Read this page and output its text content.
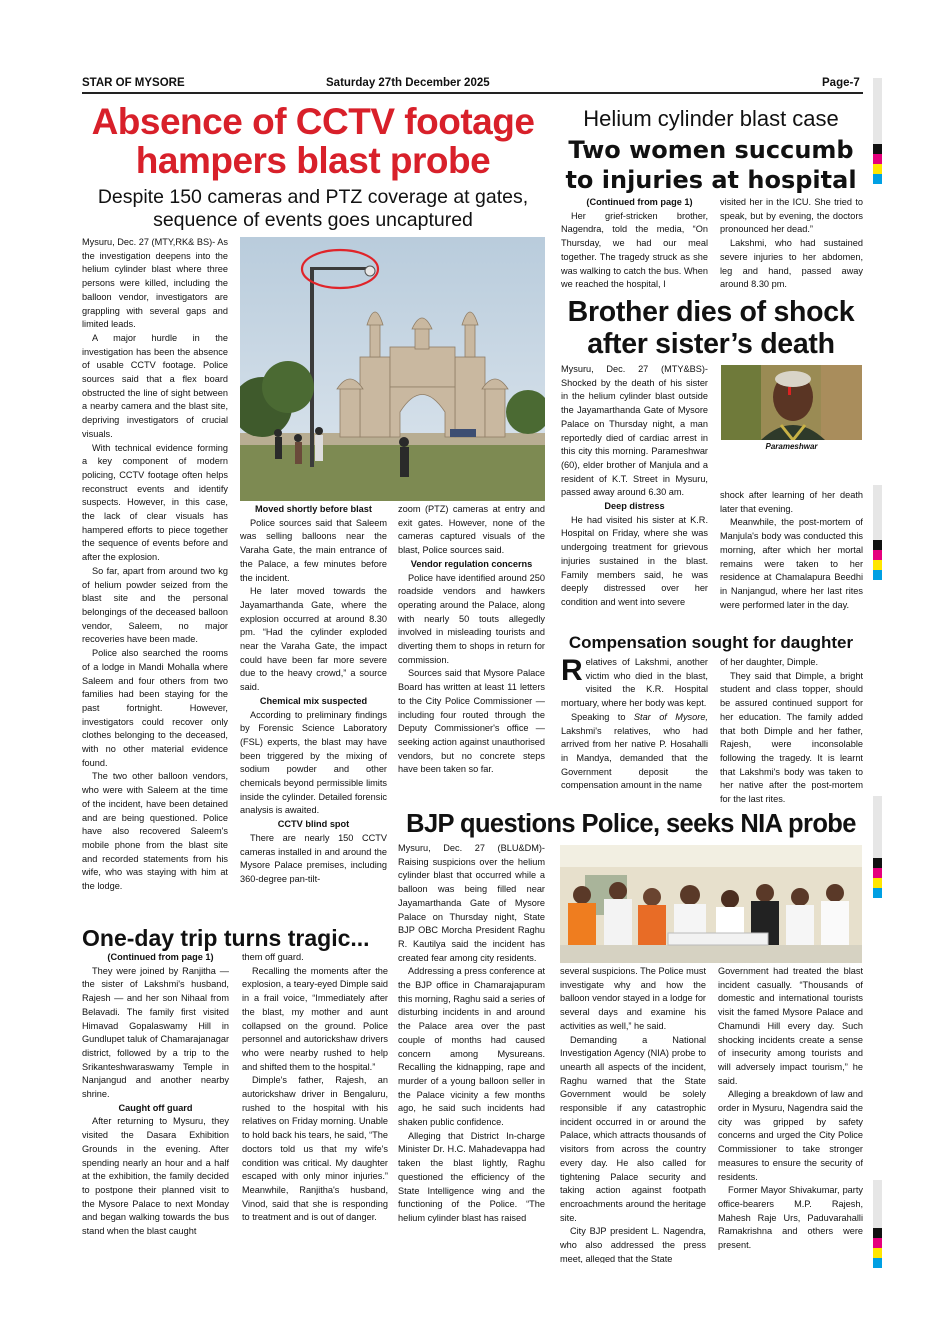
STAR OF MYSORE	Saturday 27th December 2025	Page-7
Absence of CCTV footage hampers blast probe
Despite 150 cameras and PTZ coverage at gates, sequence of events goes uncaptured

Mysuru, Dec. 27 (MTY,RK& BS)- As the investigation deepens into the helium cylinder blast where three persons were killed, including the balloon vendor, investigators are grappling with several gaps and limited leads.

A major hurdle in the investigation has been the absence of usable CCTV footage. Police sources said that a flex board obstructed the line of sight between a nearby camera and the blast site, depriving investigators of crucial visuals.

With technical evidence forming a key component of modern policing, CCTV footage often helps reconstruct events and identify suspects. However, in this case, the lack of clear visuals has hampered efforts to piece together the sequence of events before and after the explosion.

So far, apart from around two kg of helium powder seized from the blast site and the personal belongings of the deceased balloon vendor, Saleem, no major recoveries have been made.

Police also searched the rooms of a lodge in Mandi Mohalla where Saleem and four others from two families had been staying for the past fortnight. However, investigators could recover only clothes belonging to the deceased, with no other material evidence found.

The two other balloon vendors, who were with Saleem at the time of the incident, have been detained and are being questioned. Police have also recovered Saleem's mobile phone from the blast site and recorded statements from his wife, who was staying with him at the lodge.

Moved shortly before blast

Police sources said that Saleem was selling balloons near the Varaha Gate, the main entrance of the Palace, a few minutes before the incident.

He later moved towards the Jayamarthanda Gate, where the explosion occurred at around 8.30 pm. “Had the cylinder exploded near the Varaha Gate, the impact could have been far more severe due to the heavy crowd,” a source said.

Chemical mix suspected

According to preliminary findings by Forensic Science Laboratory (FSL) experts, the blast may have been triggered by the mixing of sodium powder and other chemicals beyond permissible limits inside the cylinder. Detailed forensic analysis is awaited.

CCTV blind spot

There are nearly 150 CCTV cameras installed in and around the Mysore Palace premises, including 360-degree pan-tilt-

zoom (PTZ) cameras at entry and exit gates. However, none of the cameras captured visuals of the blast, Police sources said.

Vendor regulation concerns

Police have identified around 250 roadside vendors and hawkers operating around the Palace, along with nearly 50 touts allegedly involved in misleading tourists and diverting them to shops in return for commission.

Sources said that Mysore Palace Board has written at least 11 letters to the City Police Commissioner — including four routed through the Deputy Commissioner's office — seeking action against unauthorised vendors, but no concrete steps have been taken so far.

Helium cylinder blast case
Two women succumb to injuries at hospital

(Continued from page 1)

Her grief-stricken brother, Nagendra, told the media, “On Thursday, we had our meal together. The tragedy struck as she was walking to catch the bus. When we reached the hospital, I

visited her in the ICU. She tried to speak, but by evening, the doctors pronounced her dead.”

Lakshmi, who had sustained severe injuries to her abdomen, leg and hand, passed away around 8.30 pm.

Brother dies of shock after sister’s death

Mysuru, Dec. 27 (MTY&BS)- Shocked by the death of his sister in the helium cylinder blast outside the Jayamarthanda Gate of Mysore Palace on Thursday night, a man reportedly died of cardiac arrest in this city this morning. Parameshwar (60), elder brother of Manjula and a resident of K.T. Street in Mysuru, passed away around 6.30 am.

Deep distress

He had visited his sister at K.R. Hospital on Friday, where she was undergoing treatment for grievous injuries sustained in the blast. Family members said, he was deeply distressed over her condition and went into severe

Parameshwar

shock after learning of her death later that evening.

Meanwhile, the post-mortem of Manjula's body was conducted this morning, after which her mortal remains were taken to her residence at Chamalapura Beedhi in Nanjangud, where her last rites were performed later in the day.

Compensation sought for daughter

Relatives of Lakshmi, another victim who died in the blast, visited the K.R. Hospital mortuary, where her body was kept.

Speaking to Star of Mysore, Lakshmi's relatives, who had arrived from her native P. Hosahalli in Mandya, demanded that the Government deposit the compensation amount in the name

of her daughter, Dimple.

They said that Dimple, a bright student and class topper, should be assured continued support for her education. The family added that both Dimple and her father, Rajesh, were inconsolable following the tragedy. It is learnt that Lakshmi's body was taken to her native after the post-mortem for the last rites.

BJP questions Police, seeks NIA probe

Mysuru, Dec. 27 (BLU&DM)- Raising suspicions over the helium cylinder blast that occurred while a balloon was being filled near Jayamarthanda Gate of Mysore Palace on Thursday night, State BJP OBC Morcha President Raghu R. Kautilya said the incident has created fear among city residents.

Addressing a press conference at the BJP office in Chamarajapuram this morning, Raghu said a series of disturbing incidents in and around the Palace area over the past couple of months had caused concern among Mysureans. Recalling the kidnapping, rape and murder of a young balloon seller in the Palace vicinity a few months ago, he said such incidents had shaken public confidence.

Alleging that District In-charge Minister Dr. H.C. Mahadevappa had taken the blast lightly, Raghu questioned the efficiency of the State Intelligence wing and the functioning of the Police. “The helium cylinder blast has raised

several suspicions. The Police must investigate why and how the balloon vendor stayed in a lodge for several days and examine his activities as well,” he said.

Demanding a National Investigation Agency (NIA) probe to unearth all aspects of the incident, Raghu warned that the State Government would be solely responsible if any catastrophic incident occurred in or around the Palace, which attracts thousands of visitors from across the country every day. He also called for tightening Palace security and taking action against footpath encroachments around the heritage site.

City BJP president L. Nagendra, who also addressed the press meet, alleged that the State

Government had treated the blast incident casually. “Thousands of domestic and international tourists visit the famed Mysore Palace and Chamundi Hill every day. Such shocking incidents create a sense of insecurity among tourists and will adversely impact tourism,” he said.

Alleging a breakdown of law and order in Mysuru, Nagendra said the city was gripped by safety concerns and urged the City Police Commissioner to take stronger measures to ensure the security of residents.

Former Mayor Shivakumar, party office-bearers M.P. Rajesh, Mahesh Raje Urs, Paduvarahalli Ramakrishna and others were present.

One-day trip turns tragic...

(Continued from page 1)

They were joined by Ranjitha — the sister of Lakshmi's husband, Rajesh — and her son Nihaal from Belavadi. The family first visited Himavad Gopalaswamy Hill in Gundlupet taluk of Chamarajanagar district, followed by a trip to the Srikanteshwaraswamy Temple in Nanjangud and another nearby shrine.

Caught off guard

After returning to Mysuru, they visited the Dasara Exhibition Grounds in the evening. After spending nearly an hour and a half at the exhibition, the family decided to postpone their planned visit to the Mysore Palace to next Monday and began walking towards the bus stand when the blast caught

them off guard.

Recalling the moments after the explosion, a teary-eyed Dimple said in a frail voice, “Immediately after the blast, my mother and aunt collapsed on the ground. Police personnel and autorickshaw drivers who were nearby rushed to help and shifted them to the hospital.”

Dimple's father, Rajesh, an autorickshaw driver in Bengaluru, rushed to the hospital with his relatives on Friday morning. Unable to hold back his tears, he said, “The doctors told us that my wife's condition was critical. My daughter escaped with only minor injuries.” Meanwhile, Ranjitha's husband, Vinod, said that she is responding to treatment and is out of danger.
